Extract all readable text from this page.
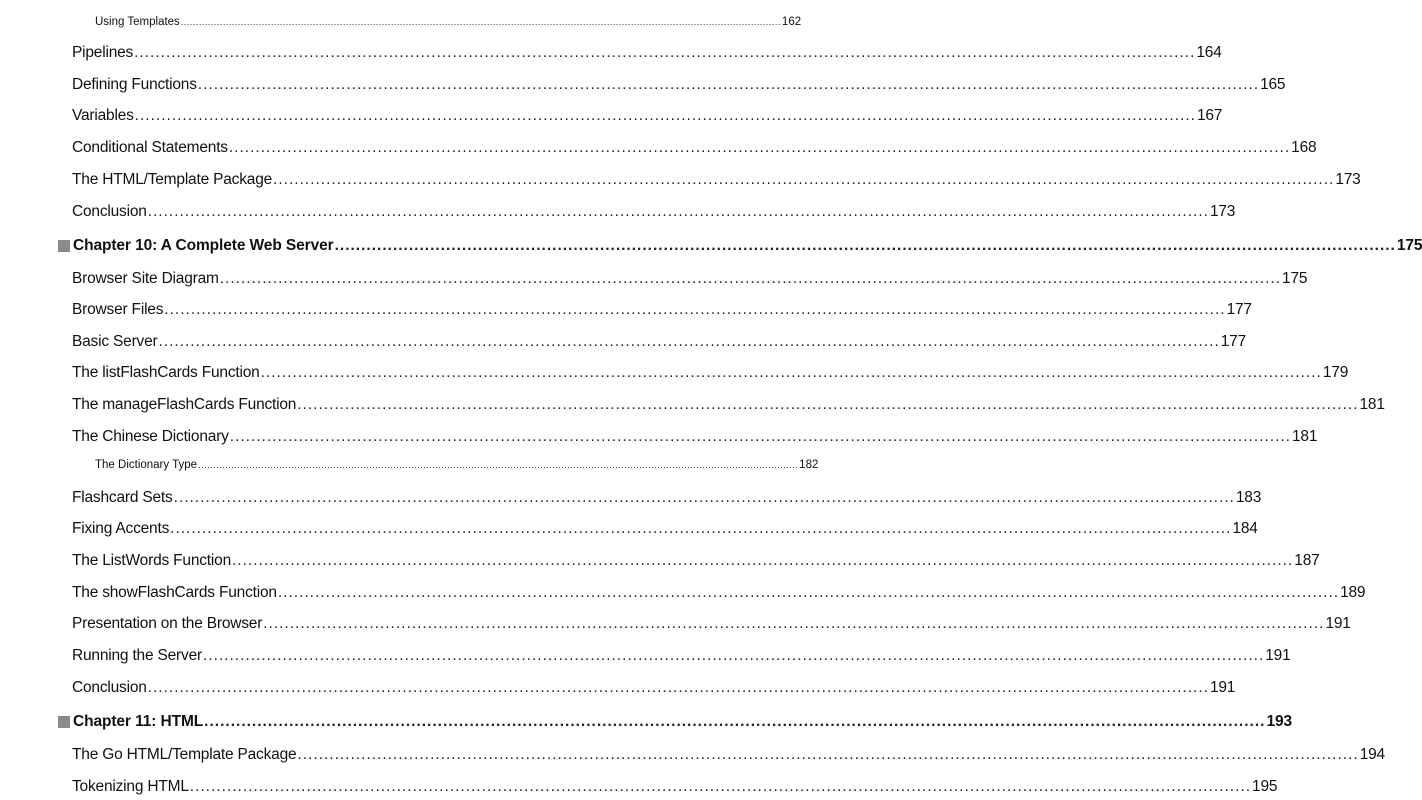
Using Templates ........................................................................................................................................................................................................ 162
Pipelines ........................................................................................................................................................................................................ 164
Defining Functions ........................................................................................................................................................................................................ 165
Variables ........................................................................................................................................................................................................ 167
Conditional Statements ........................................................................................................................................................................................................ 168
The HTML/Template Package ........................................................................................................................................................................................................ 173
Conclusion ........................................................................................................................................................................................................ 173
Chapter 10: A Complete Web Server ........................................................................................................................................................................................................ 175
Browser Site Diagram ........................................................................................................................................................................................................ 175
Browser Files ........................................................................................................................................................................................................ 177
Basic Server ........................................................................................................................................................................................................ 177
The listFlashCards Function ........................................................................................................................................................................................................ 179
The manageFlashCards Function ........................................................................................................................................................................................................ 181
The Chinese Dictionary ........................................................................................................................................................................................................ 181
The Dictionary Type ........................................................................................................................................................................................................ 182
Flashcard Sets ........................................................................................................................................................................................................ 183
Fixing Accents ........................................................................................................................................................................................................ 184
The ListWords Function ........................................................................................................................................................................................................ 187
The showFlashCards Function ........................................................................................................................................................................................................ 189
Presentation on the Browser ........................................................................................................................................................................................................ 191
Running the Server ........................................................................................................................................................................................................ 191
Conclusion ........................................................................................................................................................................................................ 191
Chapter 11: HTML ........................................................................................................................................................................................................ 193
The Go HTML/Template Package ........................................................................................................................................................................................................ 194
Tokenizing HTML ........................................................................................................................................................................................................ 195
